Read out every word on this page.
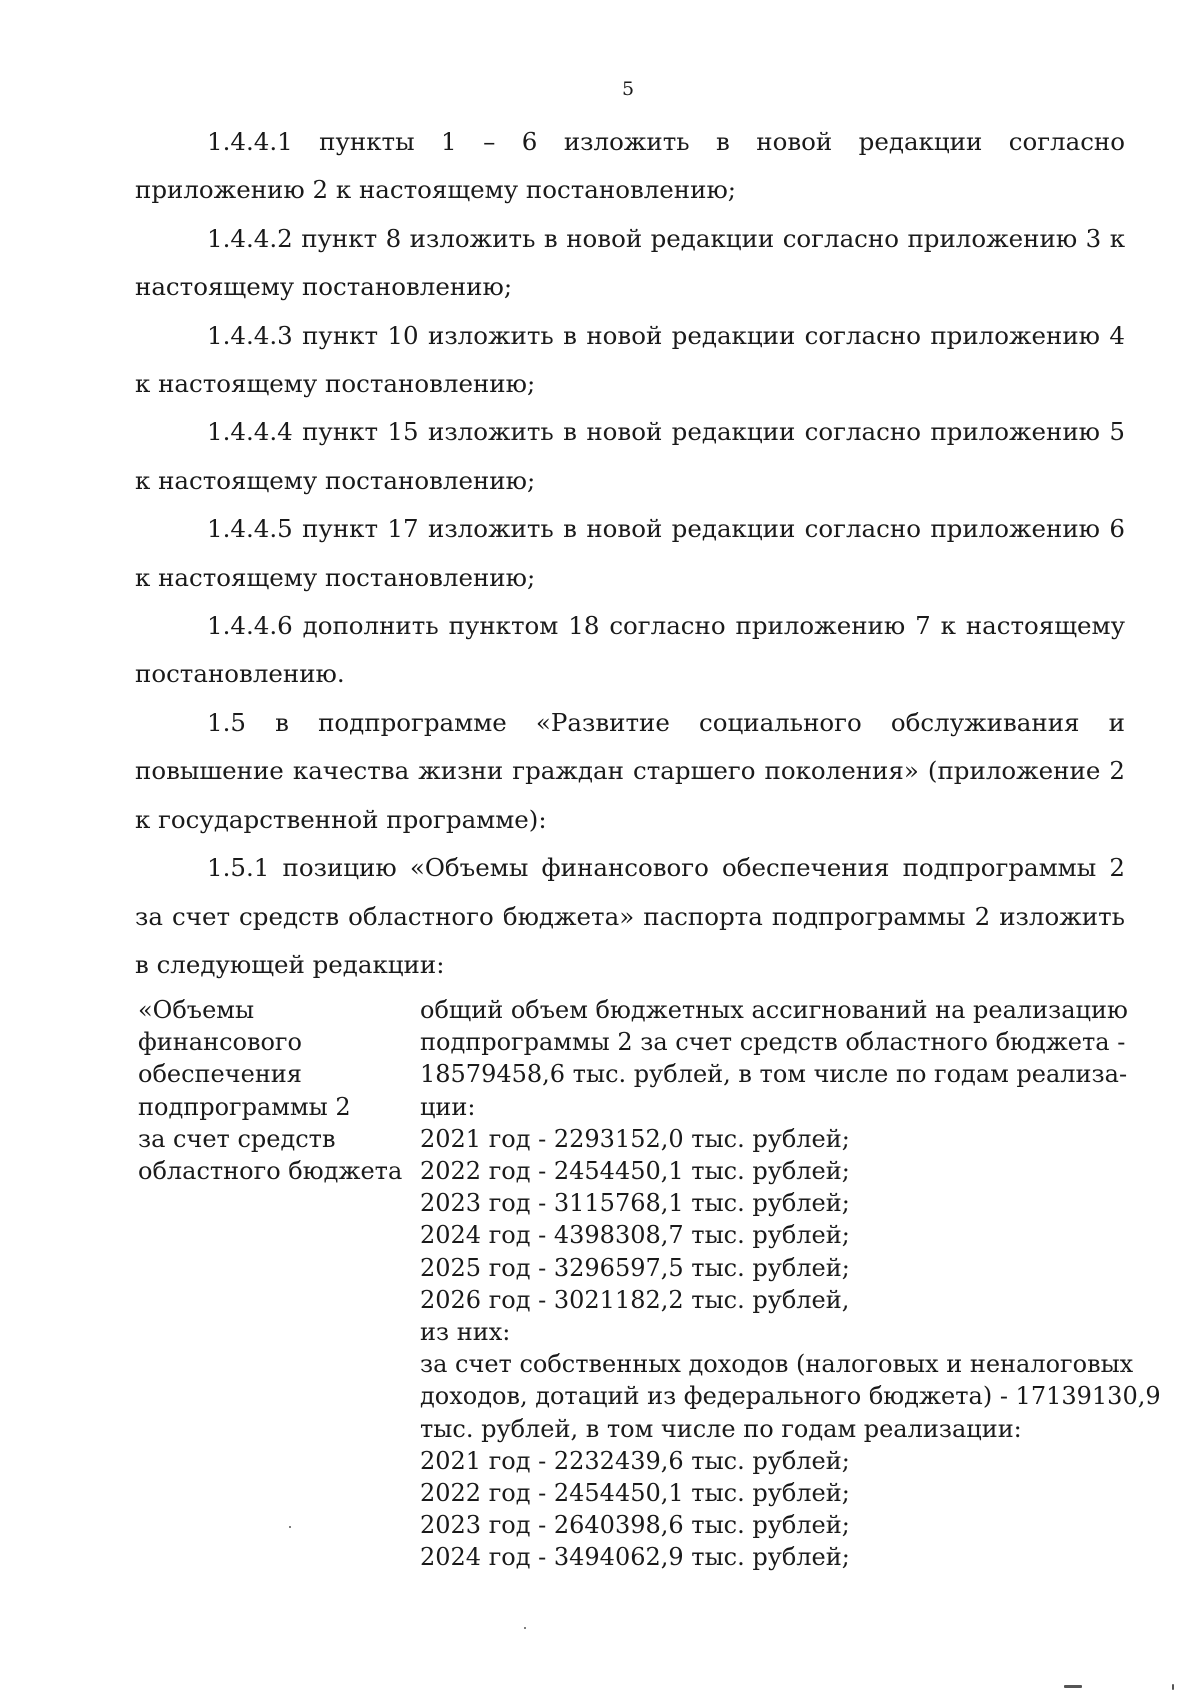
5

1.4.4.1 пункты 1 – 6 изложить в новой редакции согласно приложению 2 к настоящему постановлению;

1.4.4.2 пункт 8 изложить в новой редакции согласно приложению 3 к настоящему постановлению;

1.4.4.3 пункт 10 изложить в новой редакции согласно приложению 4 к настоящему постановлению;

1.4.4.4 пункт 15 изложить в новой редакции согласно приложению 5 к настоящему постановлению;

1.4.4.5 пункт 17 изложить в новой редакции согласно приложению 6 к настоящему постановлению;

1.4.4.6 дополнить пунктом 18 согласно приложению 7 к настоящему постановлению.

1.5 в подпрограмме «Развитие социального обслуживания и повышение качества жизни граждан старшего поколения» (приложение 2 к государственной программе):

1.5.1 позицию «Объемы финансового обеспечения подпрограммы 2 за счет средств областного бюджета» паспорта подпрограммы 2 изложить в следующей редакции:

«Объемы
финансового
обеспечения
подпрограммы 2
за счет средств
областного бюджета
общий объем бюджетных ассигнований на реализацию
подпрограммы 2 за счет средств областного бюджета -
18579458,6 тыс. рублей, в том числе по годам реализа-
ции:
2021 год - 2293152,0 тыс. рублей;
2022 год - 2454450,1 тыс. рублей;
2023 год - 3115768,1 тыс. рублей;
2024 год - 4398308,7 тыс. рублей;
2025 год - 3296597,5 тыс. рублей;
2026 год - 3021182,2 тыс. рублей,
из них:
за счет собственных доходов (налоговых и неналоговых
доходов, дотаций из федерального бюджета) - 17139130,9
тыс. рублей, в том числе по годам реализации:
2021 год - 2232439,6 тыс. рублей;
2022 год - 2454450,1 тыс. рублей;
2023 год - 2640398,6 тыс. рублей;
2024 год - 3494062,9 тыс. рублей;
